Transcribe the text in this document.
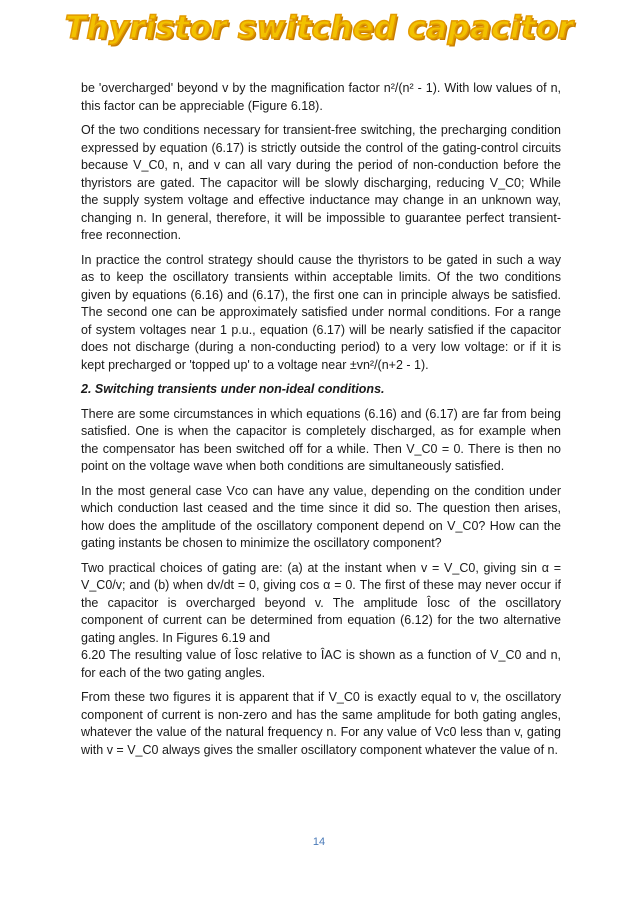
Thyristor switched capacitor

be 'overcharged' beyond v by the magnification factor n²/(n² - 1). With low values of n, this factor can be appreciable (Figure 6.18).

Of the two conditions necessary for transient-free switching, the precharging condition expressed by equation (6.17) is strictly outside the control of the gating-control circuits because V_C0, n, and v can all vary during the period of non-conduction before the thyristors are gated. The capacitor will be slowly discharging, reducing V_C0; While the supply system voltage and effective inductance may change in an unknown way, changing n. In general, therefore, it will be impossible to guarantee perfect transient-free reconnection.

In practice the control strategy should cause the thyristors to be gated in such a way as to keep the oscillatory transients within acceptable limits. Of the two conditions given by equations (6.16) and (6.17), the first one can in principle always be satisfied. The second one can be approximately satisfied under normal conditions. For a range of system voltages near 1 p.u., equation (6.17) will be nearly satisfied if the capacitor does not discharge (during a non-conducting period) to a very low voltage: or if it is kept precharged or 'topped up' to a voltage near ±vn²/(n+2 - 1).

2. Switching transients under non-ideal conditions.

There are some circumstances in which equations (6.16) and (6.17) are far from being satisfied. One is when the capacitor is completely discharged, as for example when the compensator has been switched off for a while. Then V_C0 = 0. There is then no point on the voltage wave when both conditions are simultaneously satisfied.

In the most general case Vco can have any value, depending on the condition under which conduction last ceased and the time since it did so. The question then arises, how does the amplitude of the oscillatory component depend on V_C0? How can the gating instants be chosen to minimize the oscillatory component?

Two practical choices of gating are: (a) at the instant when v = V_C0, giving sin α = V_C0/v; and (b) when dv/dt = 0, giving cos α = 0. The first of these may never occur if the capacitor is overcharged beyond v. The amplitude Îosc of the oscillatory component of current can be determined from equation (6.12) for the two alternative gating angles. In Figures 6.19 and

6.20 The resulting value of Îosc relative to ÎAC is shown as a function of V_C0 and n, for each of the two gating angles.

From these two figures it is apparent that if V_C0 is exactly equal to v, the oscillatory component of current is non-zero and has the same amplitude for both gating angles, whatever the value of the natural frequency n. For any value of Vc0 less than v, gating with v = V_C0 always gives the smaller oscillatory component whatever the value of n.

14
